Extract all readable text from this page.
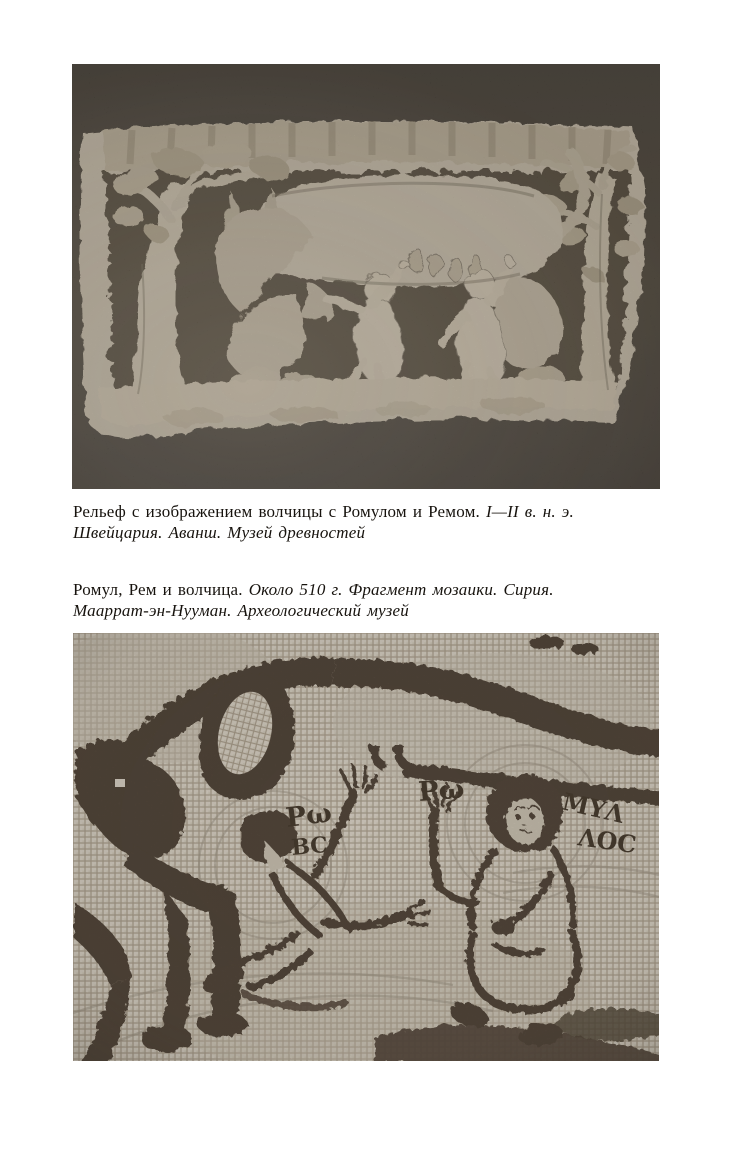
Рельеф с изображением волчицы с Ромулом и Ремом. I—II в. н. э.
Швейцария. Аванш. Музей древностей

Ромул, Рем и волчица. Около 510 г. Фрагмент мозаики. Сирия.
Мааррат-эн-Нууман. Археологический музей
